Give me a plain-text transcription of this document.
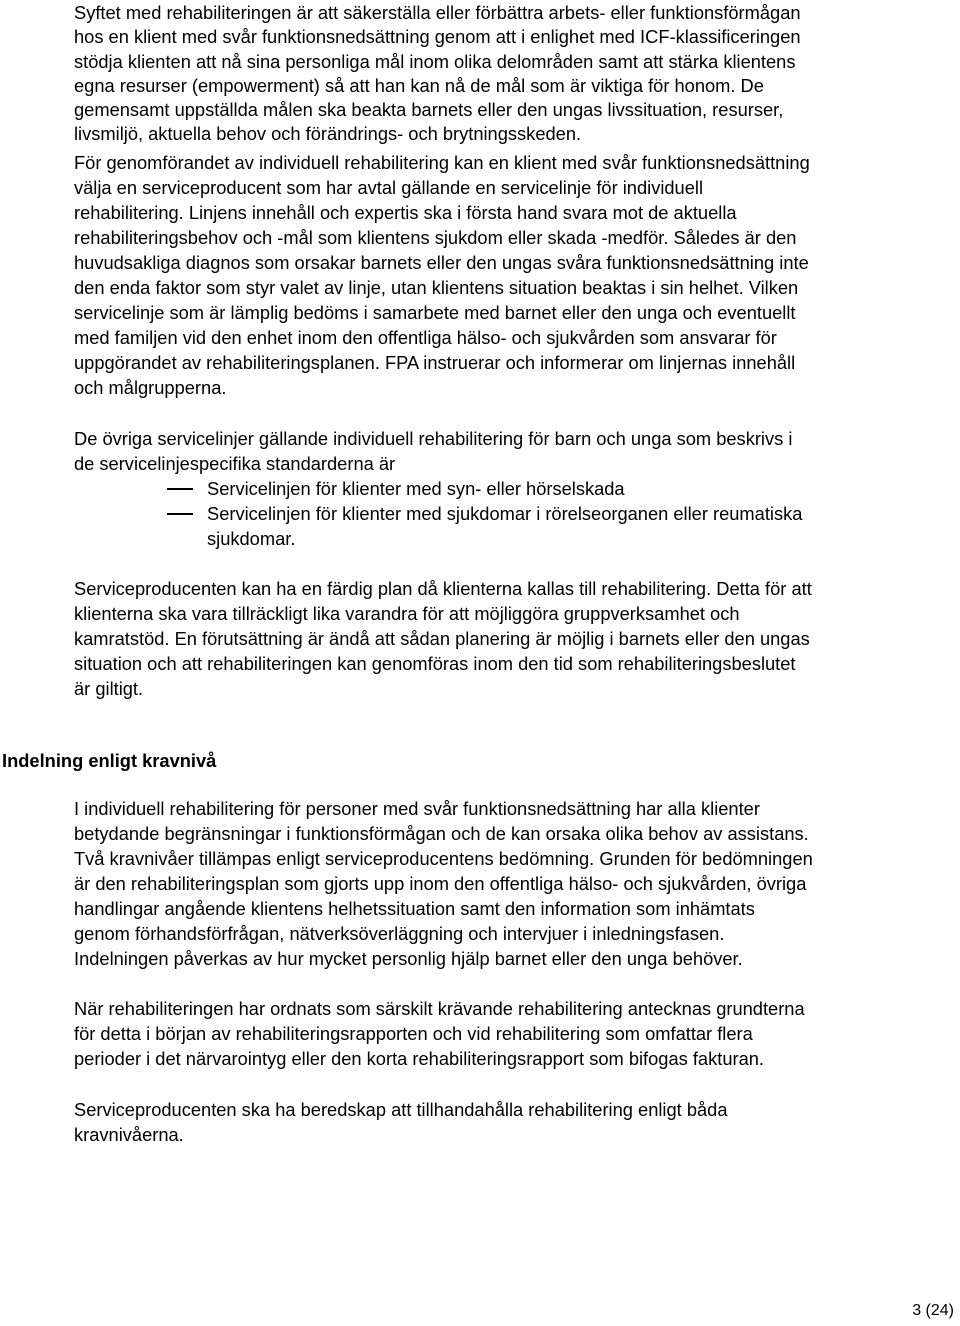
Syftet med rehabiliteringen är att säkerställa eller förbättra arbets- eller funktionsförmågan
hos en klient med svår funktionsnedsättning genom att i enlighet med ICF-klassificeringen
stödja klienten att nå sina personliga mål inom olika delområden samt att stärka klientens
egna resurser (empowerment) så att han kan nå de mål som är viktiga för honom. De
gemensamt uppställda målen ska beakta barnets eller den ungas livssituation, resurser,
livsmiljö, aktuella behov och förändrings- och brytningsskeden.
För genomförandet av individuell rehabilitering kan en klient med svår funktionsnedsättning
välja en serviceproducent som har avtal gällande en servicelinje för individuell
rehabilitering. Linjens innehåll och expertis ska i första hand svara mot de aktuella
rehabiliteringsbehov och -mål som klientens sjukdom eller skada -medför. Således är den
huvudsakliga diagnos som orsakar barnets eller den ungas svåra funktionsnedsättning inte
den enda faktor som styr valet av linje, utan klientens situation beaktas i sin helhet. Vilken
servicelinje som är lämplig bedöms i samarbete med barnet eller den unga och eventuellt
med familjen vid den enhet inom den offentliga hälso- och sjukvården som ansvarar för
uppgörandet av rehabiliteringsplanen. FPA instruerar och informerar om linjernas innehåll
och målgrupperna.
De övriga servicelinjer gällande individuell rehabilitering för barn och unga som beskrivs i
de servicelinjespecifika standarderna är
Servicelinjen för klienter med syn- eller hörselskada
Servicelinjen för klienter med sjukdomar i rörelseorganen eller reumatiska
sjukdomar.
Serviceproducenten kan ha en färdig plan då klienterna kallas till rehabilitering. Detta för att
klienterna ska vara tillräckligt lika varandra för att möjliggöra gruppverksamhet och
kamratstöd. En förutsättning är ändå att sådan planering är möjlig i barnets eller den ungas
situation och att rehabiliteringen kan genomföras inom den tid som rehabiliteringsbeslutet
är giltigt.
Indelning enligt kravnivå
I individuell rehabilitering för personer med svår funktionsnedsättning har alla klienter
betydande begränsningar i funktionsförmågan och de kan orsaka olika behov av assistans.
Två kravnivåer tillämpas enligt serviceproducentens bedömning. Grunden för bedömningen
är den rehabiliteringsplan som gjorts upp inom den offentliga hälso- och sjukvården, övriga
handlingar angående klientens helhetssituation samt den information som inhämtats
genom förhandsförfrågan, nätverksöverläggning och intervjuer i inledningsfasen.
Indelningen påverkas av hur mycket personlig hjälp barnet eller den unga behöver.
När rehabiliteringen har ordnats som särskilt krävande rehabilitering antecknas grundterna
för detta i början av rehabiliteringsrapporten och vid rehabilitering som omfattar flera
perioder i det närvarointyg eller den korta rehabiliteringsrapport som bifogas fakturan.
Serviceproducenten ska ha beredskap att tillhandahålla rehabilitering enligt båda
kravnivåerna.
3 (24)
